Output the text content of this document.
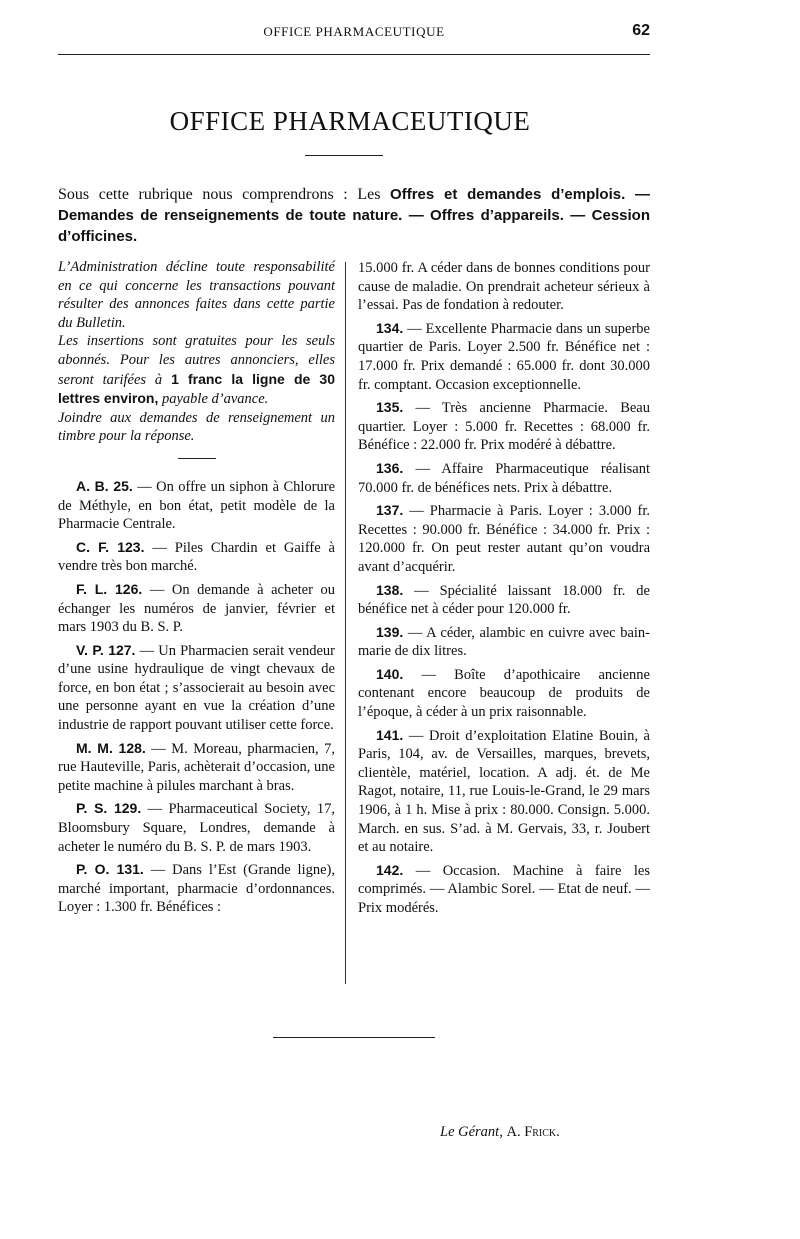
OFFICE PHARMACEUTIQUE	62
OFFICE PHARMACEUTIQUE

Sous cette rubrique nous comprendrons : Les Offres et demandes d’emplois. — Demandes de renseignements de toute nature. — Offres d’appareils. — Cession d’officines.

L’Administration décline toute responsabilité en ce qui concerne les transactions pouvant résulter des annonces faites dans cette partie du Bulletin.

Les insertions sont gratuites pour les seuls abonnés. Pour les autres annonciers, elles seront tarifées à 1 franc la ligne de 30 lettres environ, payable d’avance.

Joindre aux demandes de renseignement un timbre pour la réponse.

A. B. 25. — On offre un siphon à Chlorure de Méthyle, en bon état, petit modèle de la Pharmacie Centrale.

C. F. 123. — Piles Chardin et Gaiffe à vendre très bon marché.

F. L. 126. — On demande à acheter ou échanger les numéros de janvier, février et mars 1903 du B. S. P.

V. P. 127. — Un Pharmacien serait vendeur d’une usine hydraulique de vingt chevaux de force, en bon état ; s’associerait au besoin avec une personne ayant en vue la création d’une industrie de rapport pouvant utiliser cette force.

M. M. 128. — M. Moreau, pharmacien, 7, rue Hauteville, Paris, achèterait d’occasion, une petite machine à pilules marchant à bras.

P. S. 129. — Pharmaceutical Society, 17, Bloomsbury Square, Londres, demande à acheter le numéro du B. S. P. de mars 1903.

P. O. 131. — Dans l’Est (Grande ligne), marché important, pharmacie d’ordonnances. Loyer : 1.300 fr. Bénéfices :

15.000 fr. A céder dans de bonnes conditions pour cause de maladie. On prendrait acheteur sérieux à l’essai. Pas de fondation à redouter.

134. — Excellente Pharmacie dans un superbe quartier de Paris. Loyer 2.500 fr. Bénéfice net : 17.000 fr. Prix demandé : 65.000 fr. dont 30.000 fr. comptant. Occasion exceptionnelle.

135. — Très ancienne Pharmacie. Beau quartier. Loyer : 5.000 fr. Recettes : 68.000 fr. Bénéfice : 22.000 fr. Prix modéré à débattre.

136. — Affaire Pharmaceutique réalisant 70.000 fr. de bénéfices nets. Prix à débattre.

137. — Pharmacie à Paris. Loyer : 3.000 fr. Recettes : 90.000 fr. Bénéfice : 34.000 fr. Prix : 120.000 fr. On peut rester autant qu’on voudra avant d’acquérir.

138. — Spécialité laissant 18.000 fr. de bénéfice net à céder pour 120.000 fr.

139. — A céder, alambic en cuivre avec bain-marie de dix litres.

140. — Boîte d’apothicaire ancienne contenant encore beaucoup de produits de l’époque, à céder à un prix raisonnable.

141. — Droit d’exploitation Elatine Bouin, à Paris, 104, av. de Versailles, marques, brevets, clientèle, matériel, location. A adj. ét. de Me Ragot, notaire, 11, rue Louis-le-Grand, le 29 mars 1906, à 1 h. Mise à prix : 80.000. Consign. 5.000. March. en sus. S’ad. à M. Gervais, 33, r. Joubert et au notaire.

142. — Occasion. Machine à faire les comprimés. — Alambic Sorel. — Etat de neuf. — Prix modérés.

Le Gérant, A. Frick.
